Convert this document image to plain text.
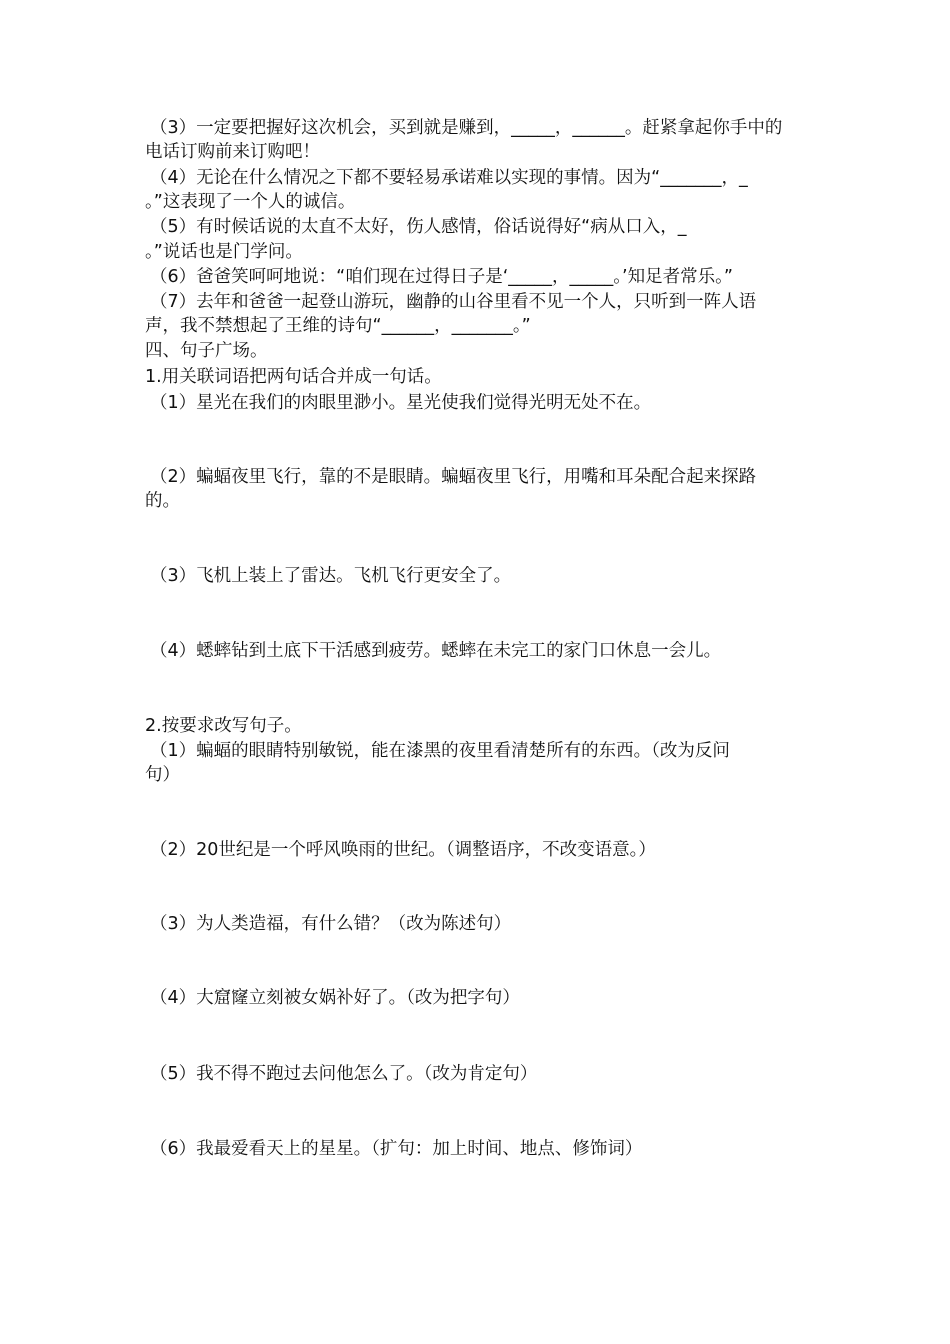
（3）一定要把握好这次机会，买到就是赚到，_____，______。赶紧拿起你手中的
电话订购前来订购吧！
（4）无论在什么情况之下都不要轻易承诺难以实现的事情。因为“_______，_
。”这表现了一个人的诚信。
（5）有时候话说的太直不太好，伤人感情，俗话说得好“病从口入，_
。”说话也是门学问。
（6）爸爸笑呵呵地说：“咱们现在过得日子是‘_____，_____。’知足者常乐。”
（7）去年和爸爸一起登山游玩，幽静的山谷里看不见一个人，只听到一阵人语
声，我不禁想起了王维的诗句“______，_______。”
四、句子广场。
1.用关联词语把两句话合并成一句话。
（1）星光在我们的肉眼里渺小。星光使我们觉得光明无处不在。
（2）蝙蝠夜里飞行，靠的不是眼睛。蝙蝠夜里飞行，用嘴和耳朵配合起来探路
的。
（3）飞机上装上了雷达。飞机飞行更安全了。
（4）蟋蟀钻到土底下干活感到疲劳。蟋蟀在未完工的家门口休息一会儿。
2.按要求改写句子。
（1）蝙蝠的眼睛特别敏锐，能在漆黑的夜里看清楚所有的东西。（改为反问
句）
（2）20世纪是一个呼风唤雨的世纪。（调整语序，不改变语意。）
（3）为人类造福，有什么错？（改为陈述句）
（4）大窟窿立刻被女娲补好了。（改为把字句）
（5）我不得不跑过去问他怎么了。（改为肯定句）
（6）我最爱看天上的星星。（扩句：加上时间、地点、修饰词）
